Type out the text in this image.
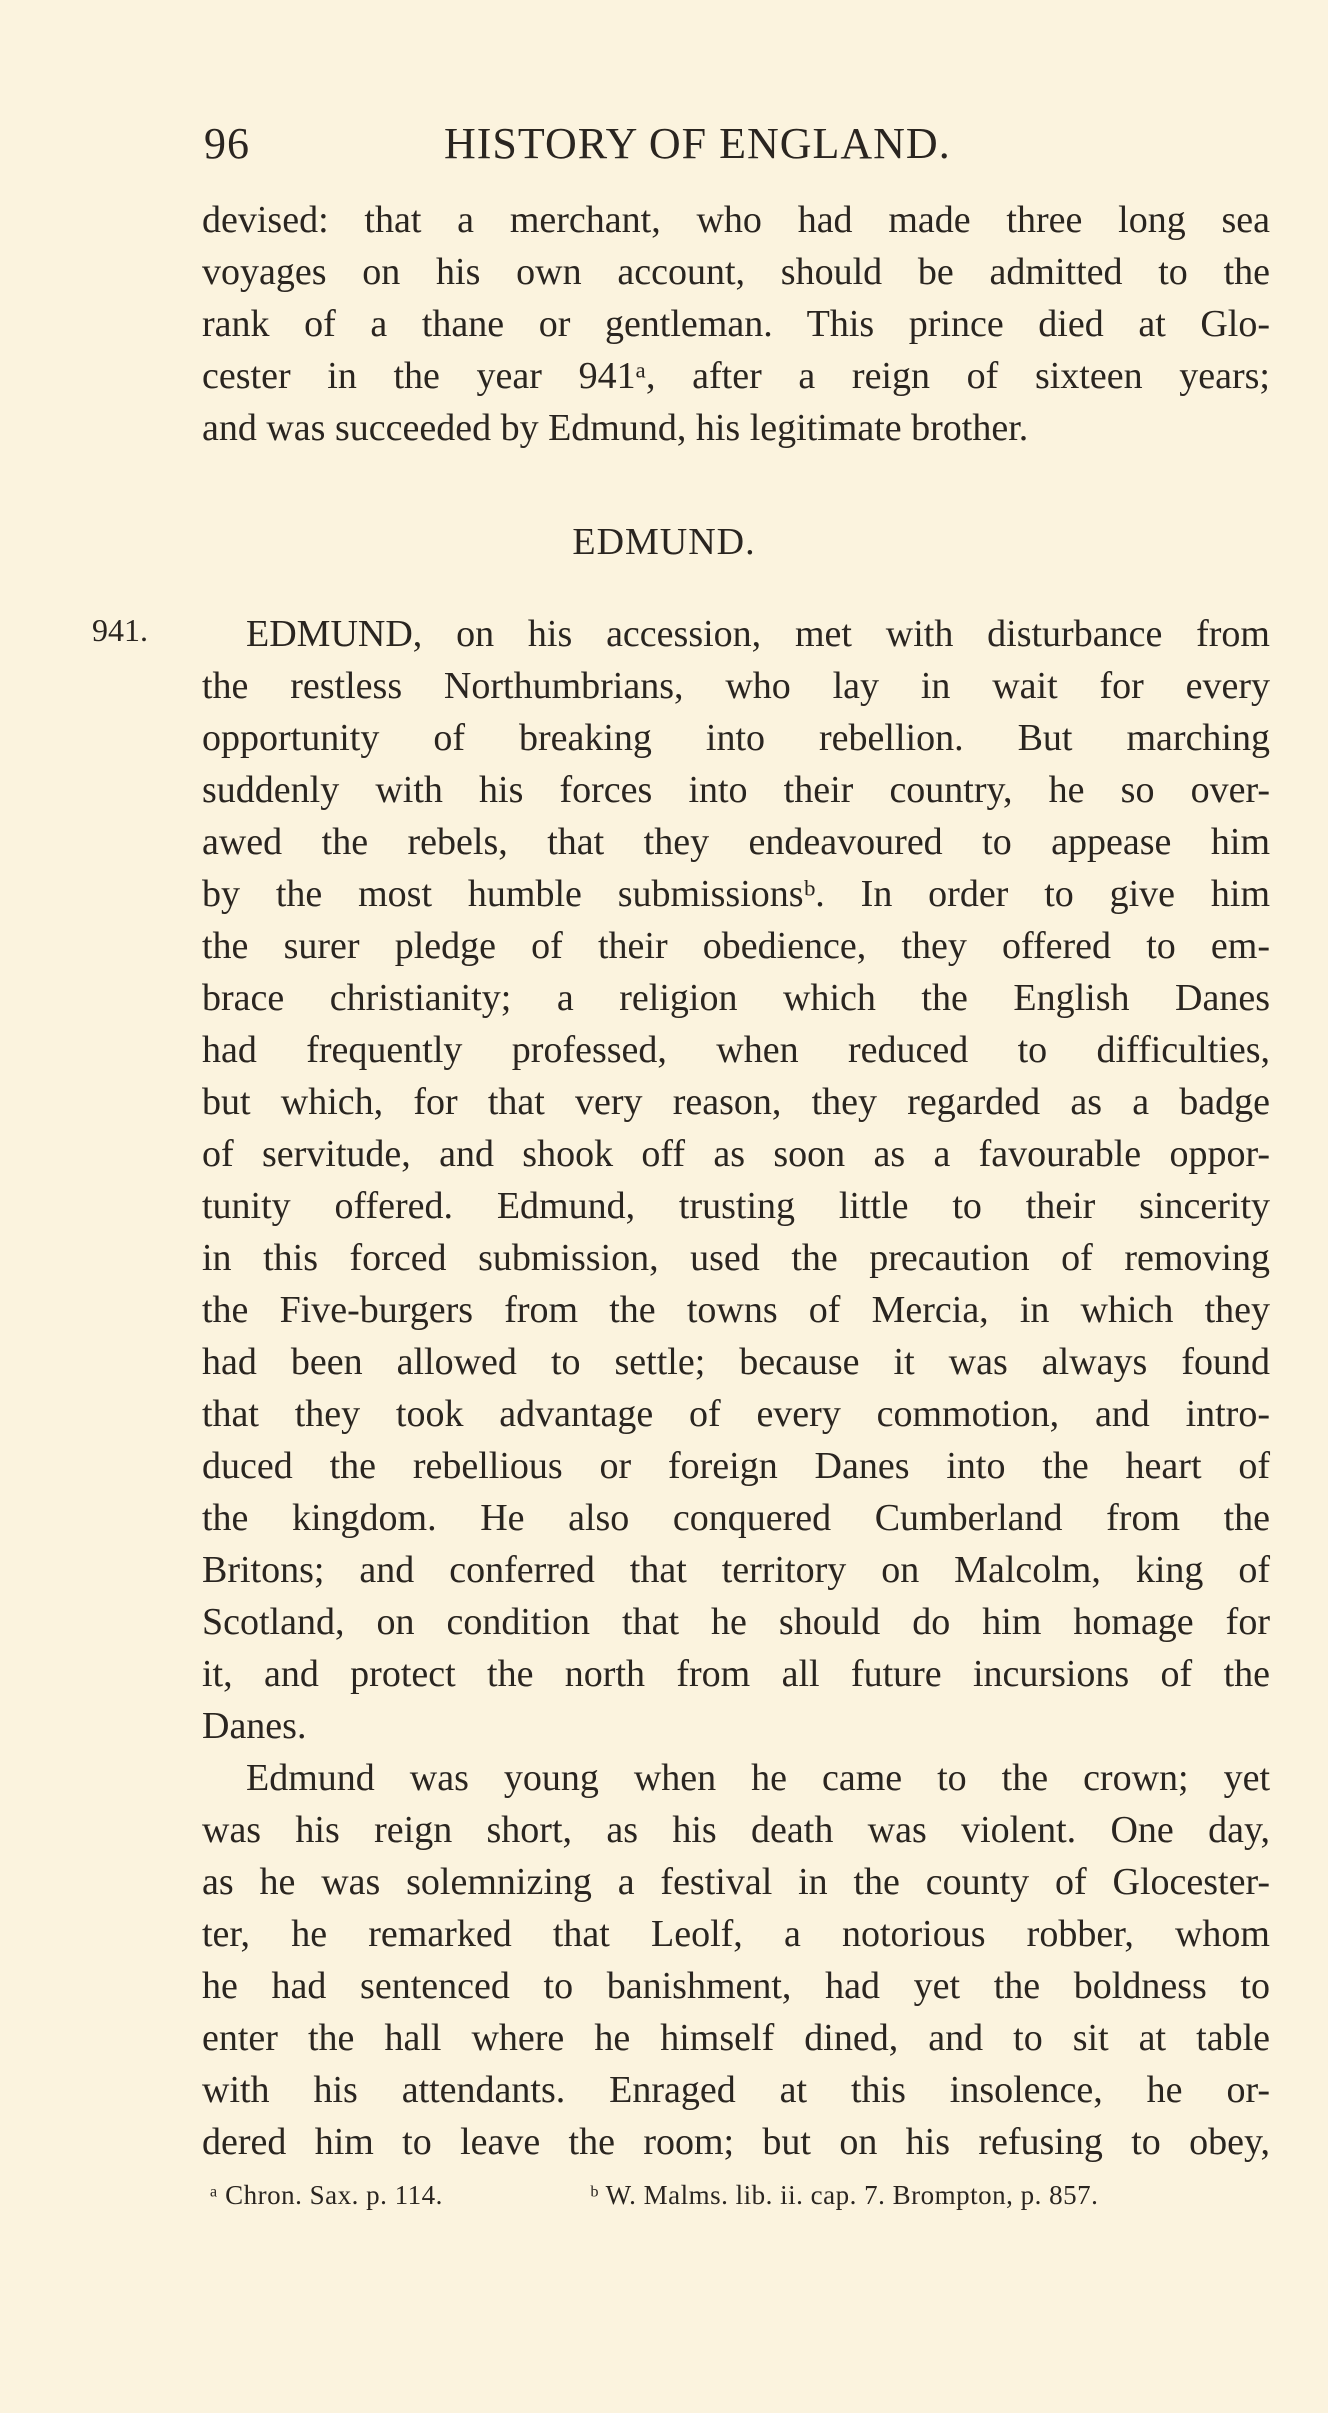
96	HISTORY OF ENGLAND.
devised: that a merchant, who had made three long sea
voyages on his own account, should be admitted to the
rank of a thane or gentleman. This prince died at Glo-
cester in the year 941ᵃ, after a reign of sixteen years;
and was succeeded by Edmund, his legitimate brother.
EDMUND.
941.	EDMUND, on his accession, met with disturbance from
the restless Northumbrians, who lay in wait for every
opportunity of breaking into rebellion. But marching
suddenly with his forces into their country, he so over-
awed the rebels, that they endeavoured to appease him
by the most humble submissionsᵇ. In order to give him
the surer pledge of their obedience, they offered to em-
brace christianity; a religion which the English Danes
had frequently professed, when reduced to difficulties,
but which, for that very reason, they regarded as a badge
of servitude, and shook off as soon as a favourable oppor-
tunity offered. Edmund, trusting little to their sincerity
in this forced submission, used the precaution of removing
the Five-burgers from the towns of Mercia, in which they
had been allowed to settle; because it was always found
that they took advantage of every commotion, and intro-
duced the rebellious or foreign Danes into the heart of
the kingdom. He also conquered Cumberland from the
Britons; and conferred that territory on Malcolm, king of
Scotland, on condition that he should do him homage for
it, and protect the north from all future incursions of the
Danes.
Edmund was young when he came to the crown; yet
was his reign short, as his death was violent. One day,
as he was solemnizing a festival in the county of Glocester-
ter, he remarked that Leolf, a notorious robber, whom
he had sentenced to banishment, had yet the boldness to
enter the hall where he himself dined, and to sit at table
with his attendants. Enraged at this insolence, he or-
dered him to leave the room; but on his refusing to obey,
ᵃ Chron. Sax. p. 114.	ᵇ W. Malms. lib. ii. cap. 7. Brompton, p. 857.
